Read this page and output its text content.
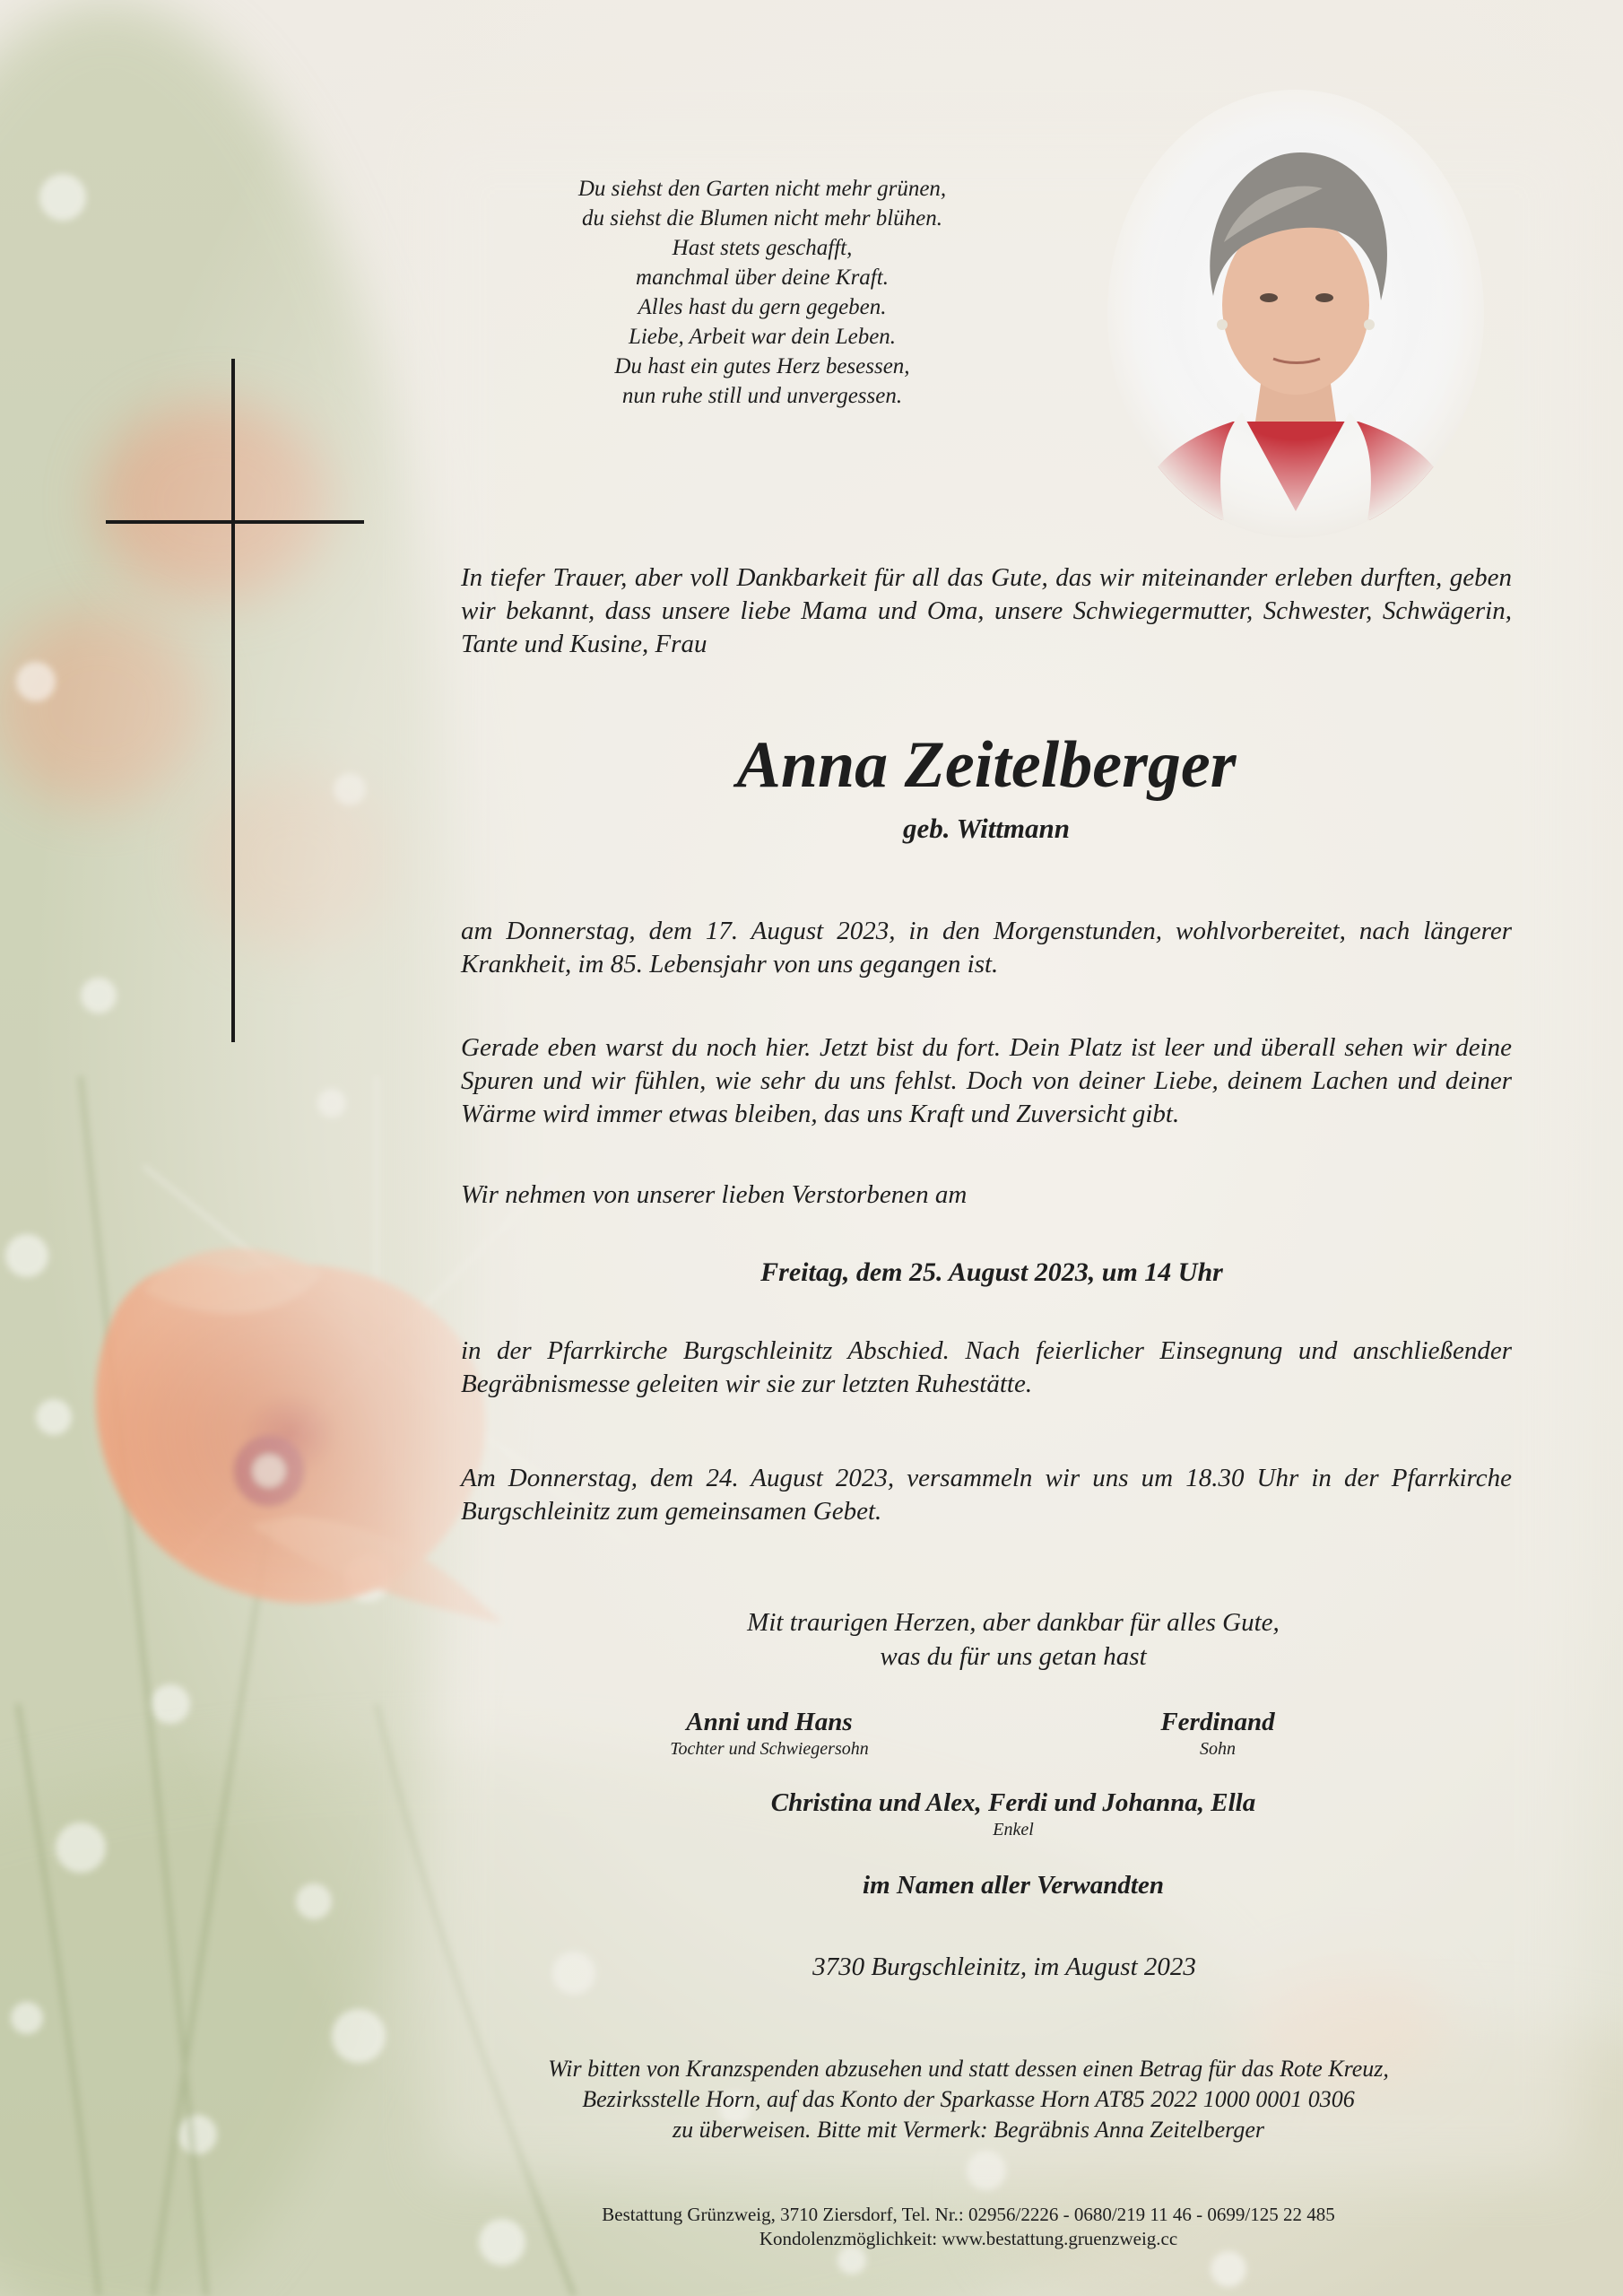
Du siehst den Garten nicht mehr grünen,
du siehst die Blumen nicht mehr blühen.
Hast stets geschafft,
manchmal über deine Kraft.
Alles hast du gern gegeben.
Liebe, Arbeit war dein Leben.
Du hast ein gutes Herz besessen,
nun ruhe still und unvergessen.
In tiefer Trauer, aber voll Dankbarkeit für all das Gute, das wir miteinander erleben durften, geben wir bekannt, dass unsere liebe Mama und Oma, unsere Schwiegermutter, Schwester, Schwägerin, Tante und Kusine, Frau
Anna Zeitelberger
geb. Wittmann
am Donnerstag, dem 17. August 2023, in den Morgenstunden, wohlvorbereitet, nach längerer Krankheit, im 85. Lebensjahr von uns gegangen ist.
Gerade eben warst du noch hier. Jetzt bist du fort. Dein Platz ist leer und überall sehen wir deine Spuren und wir fühlen, wie sehr du uns fehlst. Doch von deiner Liebe, deinem Lachen und deiner Wärme wird immer etwas bleiben, das uns Kraft und Zuversicht gibt.
Wir nehmen von unserer lieben Verstorbenen am
Freitag, dem 25. August 2023, um 14 Uhr
in der Pfarrkirche Burgschleinitz Abschied. Nach feierlicher Einsegnung und anschließender Begräbnismesse geleiten wir sie zur letzten Ruhestätte.
Am Donnerstag, dem 24. August 2023, versammeln wir uns um 18.30 Uhr in der Pfarrkirche Burgschleinitz zum gemeinsamen Gebet.
Mit traurigen Herzen, aber dankbar für alles Gute,
was du für uns getan hast
Anni und Hans
Tochter und Schwiegersohn
Ferdinand
Sohn
Christina und Alex, Ferdi und Johanna, Ella
Enkel
im Namen aller Verwandten
3730 Burgschleinitz, im August 2023
Wir bitten von Kranzspenden abzusehen und statt dessen einen Betrag für das Rote Kreuz,
Bezirksstelle Horn, auf das Konto der Sparkasse Horn AT85 2022 1000 0001 0306
zu überweisen. Bitte mit Vermerk: Begräbnis Anna Zeitelberger
Bestattung Grünzweig, 3710 Ziersdorf, Tel. Nr.: 02956/2226 - 0680/219 11 46 - 0699/125 22 485
Kondolenzmöglichkeit: www.bestattung.gruenzweig.cc
